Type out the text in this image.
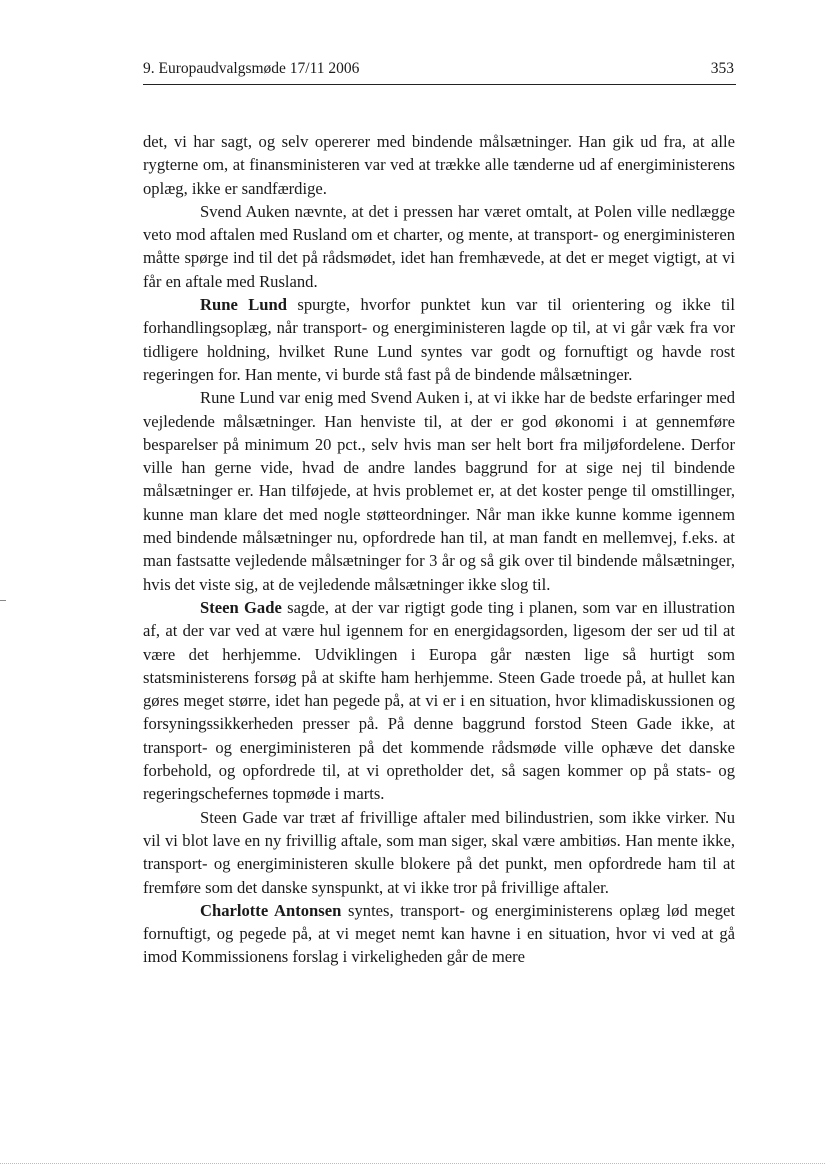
9. Europaudvalgsmøde 17/11 2006	353

det, vi har sagt, og selv opererer med bindende målsætninger. Han gik ud fra, at alle rygterne om, at finansministeren var ved at trække alle tænderne ud af energiministerens oplæg, ikke er sandfærdige.

Svend Auken nævnte, at det i pressen har været omtalt, at Polen ville nedlægge veto mod aftalen med Rusland om et charter, og mente, at transport- og energiministeren måtte spørge ind til det på rådsmødet, idet han fremhævede, at det er meget vigtigt, at vi får en aftale med Rusland.

Rune Lund spurgte, hvorfor punktet kun var til orientering og ikke til forhandlingsoplæg, når transport- og energiministeren lagde op til, at vi går væk fra vor tidligere holdning, hvilket Rune Lund syntes var godt og fornuftigt og havde rost regeringen for. Han mente, vi burde stå fast på de bindende målsætninger.

Rune Lund var enig med Svend Auken i, at vi ikke har de bedste erfaringer med vejledende målsætninger. Han henviste til, at der er god økonomi i at gennemføre besparelser på minimum 20 pct., selv hvis man ser helt bort fra miljøfordelene. Derfor ville han gerne vide, hvad de andre landes baggrund for at sige nej til bindende målsætninger er. Han tilføjede, at hvis problemet er, at det koster penge til omstillinger, kunne man klare det med nogle støtteordninger. Når man ikke kunne komme igennem med bindende målsætninger nu, opfordrede han til, at man fandt en mellemvej, f.eks. at man fastsatte vejledende målsætninger for 3 år og så gik over til bindende målsætninger, hvis det viste sig, at de vejledende målsætninger ikke slog til.

Steen Gade sagde, at der var rigtigt gode ting i planen, som var en illustration af, at der var ved at være hul igennem for en energidagsorden, ligesom der ser ud til at være det herhjemme. Udviklingen i Europa går næsten lige så hurtigt som statsministerens forsøg på at skifte ham herhjemme. Steen Gade troede på, at hullet kan gøres meget større, idet han pegede på, at vi er i en situation, hvor klimadiskussionen og forsyningssikkerheden presser på. På denne baggrund forstod Steen Gade ikke, at transport- og energiministeren på det kommende rådsmøde ville ophæve det danske forbehold, og opfordrede til, at vi opretholder det, så sagen kommer op på stats- og regeringschefernes topmøde i marts.

Steen Gade var træt af frivillige aftaler med bilindustrien, som ikke virker. Nu vil vi blot lave en ny frivillig aftale, som man siger, skal være ambitiøs. Han mente ikke, transport- og energiministeren skulle blokere på det punkt, men opfordrede ham til at fremføre som det danske synspunkt, at vi ikke tror på frivillige aftaler.

Charlotte Antonsen syntes, transport- og energiministerens oplæg lød meget fornuftigt, og pegede på, at vi meget nemt kan havne i en situation, hvor vi ved at gå imod Kommissionens forslag i virkeligheden går de mere
